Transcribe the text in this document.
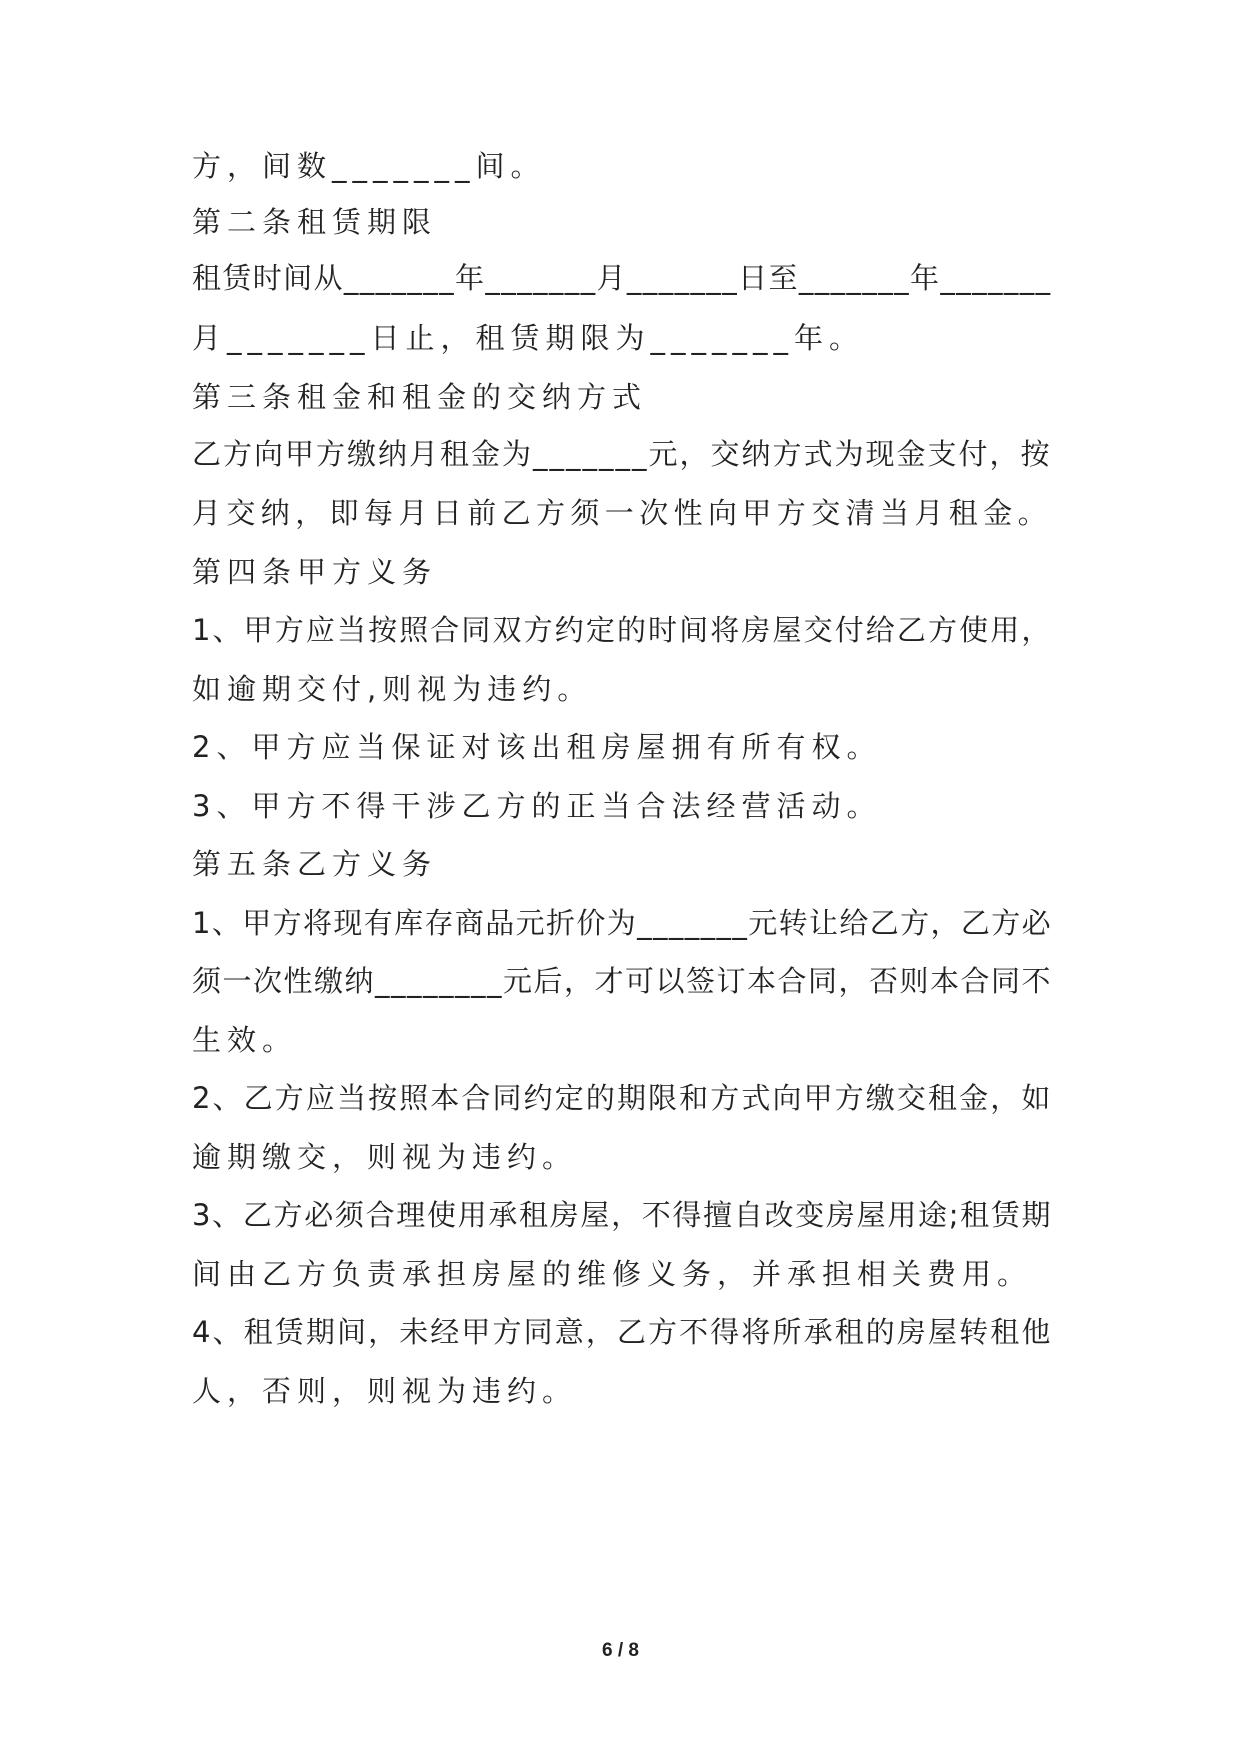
方，间数_______间。
第二条租赁期限
租赁时间从_______年_______月_______日至_______年_______
月_______日止，租赁期限为_______年。
第三条租金和租金的交纳方式
乙方向甲方缴纳月租金为_______元，交纳方式为现金支付，按
月交纳，即每月日前乙方须一次性向甲方交清当月租金。
第四条甲方义务
1、甲方应当按照合同双方约定的时间将房屋交付给乙方使用，
如逾期交付,则视为违约。
2、甲方应当保证对该出租房屋拥有所有权。
3、甲方不得干涉乙方的正当合法经营活动。
第五条乙方义务
1、甲方将现有库存商品元折价为_______元转让给乙方，乙方必
须一次性缴纳________元后，才可以签订本合同，否则本合同不
生效。
2、乙方应当按照本合同约定的期限和方式向甲方缴交租金，如
逾期缴交，则视为违约。
3、乙方必须合理使用承租房屋，不得擅自改变房屋用途;租赁期
间由乙方负责承担房屋的维修义务，并承担相关费用。
4、租赁期间，未经甲方同意，乙方不得将所承租的房屋转租他
人，否则，则视为违约。
6 / 8
